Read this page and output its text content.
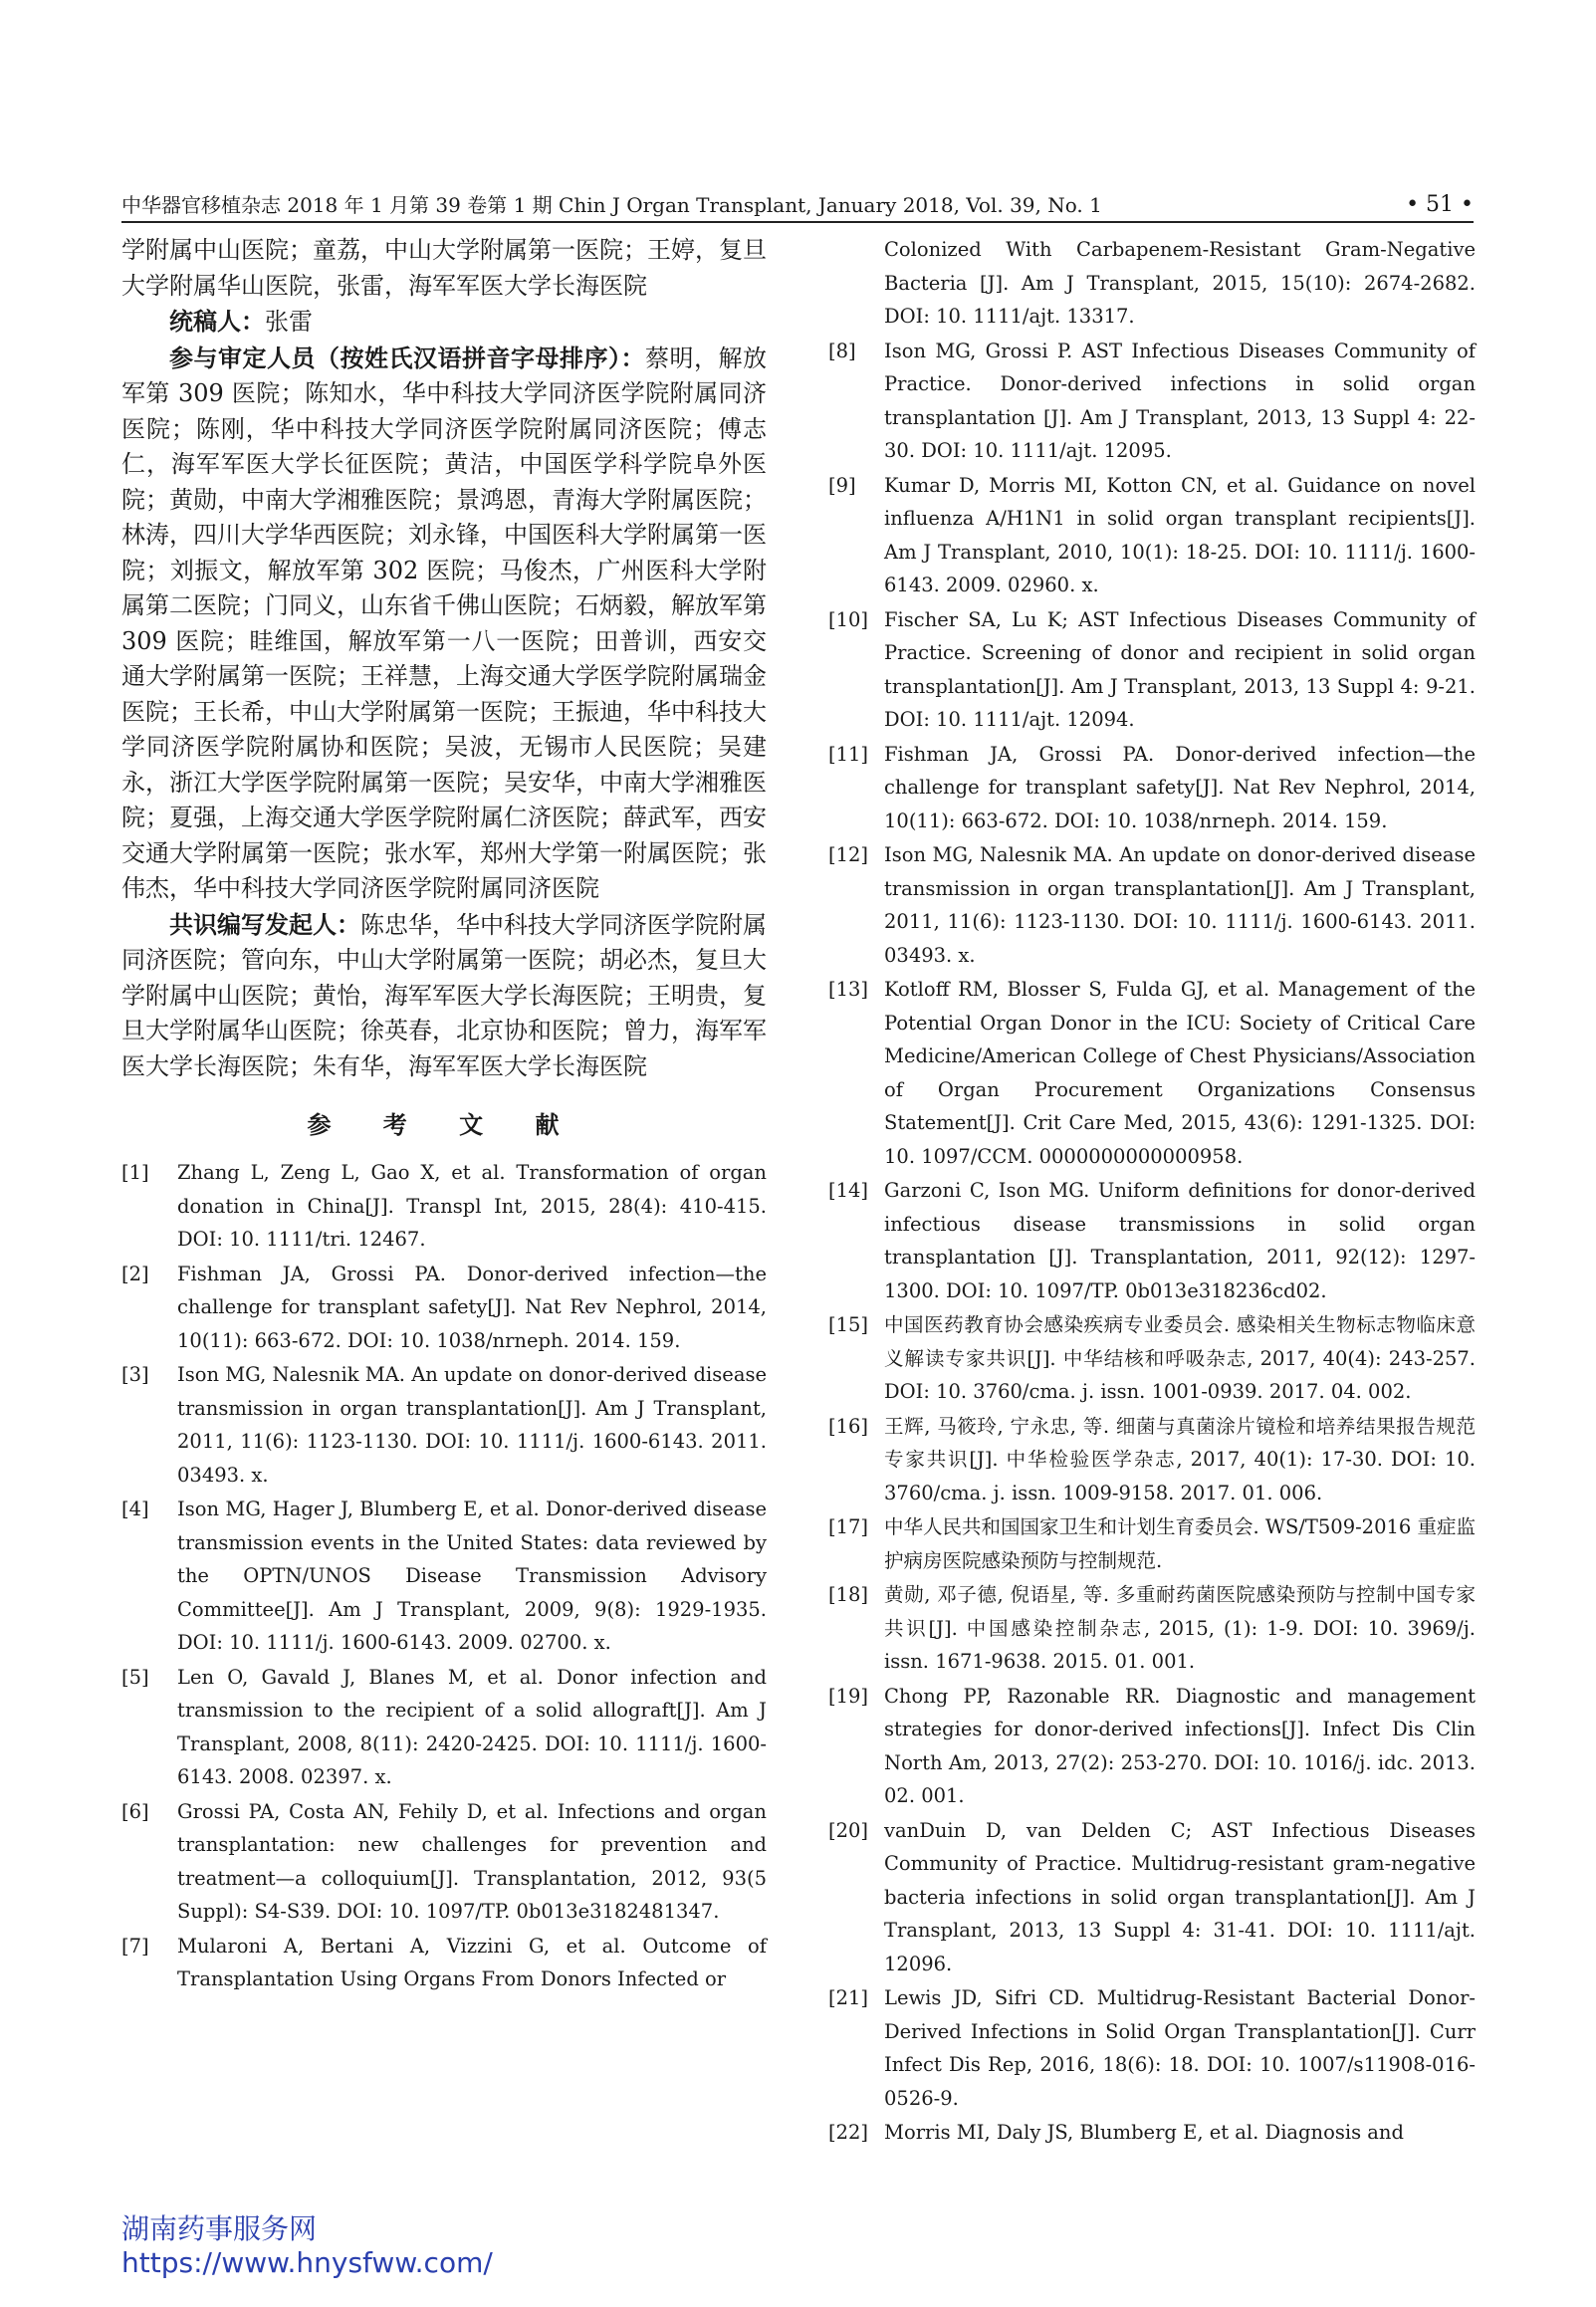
中华器官移植杂志 2018 年 1 月第 39 卷第 1 期 Chin J Organ Transplant, January 2018, Vol. 39, No. 1	• 51 •

学附属中山医院；童荔，中山大学附属第一医院；王婷，复旦大学附属华山医院，张雷，海军军医大学长海医院

统稿人：张雷

参与审定人员（按姓氏汉语拼音字母排序）：蔡明，解放军第 309 医院；陈知水，华中科技大学同济医学院附属同济医院；陈刚，华中科技大学同济医学院附属同济医院；傅志仁，海军军医大学长征医院；黄洁，中国医学科学院阜外医院；黄勋，中南大学湘雅医院；景鸿恩，青海大学附属医院；林涛，四川大学华西医院；刘永锋，中国医科大学附属第一医院；刘振文，解放军第 302 医院；马俊杰，广州医科大学附属第二医院；门同义，山东省千佛山医院；石炳毅，解放军第 309 医院；眭维国，解放军第一八一医院；田普训，西安交通大学附属第一医院；王祥慧，上海交通大学医学院附属瑞金医院；王长希，中山大学附属第一医院；王振迪，华中科技大学同济医学院附属协和医院；吴波，无锡市人民医院；吴建永，浙江大学医学院附属第一医院；吴安华，中南大学湘雅医院；夏强，上海交通大学医学院附属仁济医院；薛武军，西安交通大学附属第一医院；张水军，郑州大学第一附属医院；张伟杰，华中科技大学同济医学院附属同济医院

共识编写发起人：陈忠华，华中科技大学同济医学院附属同济医院；管向东，中山大学附属第一医院；胡必杰，复旦大学附属中山医院；黄怡，海军军医大学长海医院；王明贵，复旦大学附属华山医院；徐英春，北京协和医院；曾力，海军军医大学长海医院；朱有华，海军军医大学长海医院

参 考 文 献
[1]	Zhang L, Zeng L, Gao X, et al. Transformation of organ donation in China[J]. Transpl Int, 2015, 28(4): 410-415. DOI: 10. 1111/tri. 12467.
[2]	Fishman JA, Grossi PA. Donor-derived infection—the challenge for transplant safety[J]. Nat Rev Nephrol, 2014, 10(11): 663-672. DOI: 10. 1038/nrneph. 2014. 159.
[3]	Ison MG, Nalesnik MA. An update on donor-derived disease transmission in organ transplantation[J]. Am J Transplant, 2011, 11(6): 1123-1130. DOI: 10. 1111/j. 1600-6143. 2011. 03493. x.
[4]	Ison MG, Hager J, Blumberg E, et al. Donor-derived disease transmission events in the United States: data reviewed by the OPTN/UNOS Disease Transmission Advisory Committee[J]. Am J Transplant, 2009, 9(8): 1929-1935. DOI: 10. 1111/j. 1600-6143. 2009. 02700. x.
[5]	Len O, Gavald J, Blanes M, et al. Donor infection and transmission to the recipient of a solid allograft[J]. Am J Transplant, 2008, 8(11): 2420-2425. DOI: 10. 1111/j. 1600-6143. 2008. 02397. x.
[6]	Grossi PA, Costa AN, Fehily D, et al. Infections and organ transplantation: new challenges for prevention and treatment—a colloquium[J]. Transplantation, 2012, 93(5 Suppl): S4-S39. DOI: 10. 1097/TP. 0b013e3182481347.
[7]	Mularoni A, Bertani A, Vizzini G, et al. Outcome of Transplantation Using Organs From Donors Infected or
Colonized With Carbapenem-Resistant Gram-Negative Bacteria [J]. Am J Transplant, 2015, 15(10): 2674-2682. DOI: 10. 1111/ajt. 13317.
[8]	Ison MG, Grossi P. AST Infectious Diseases Community of Practice. Donor-derived infections in solid organ transplantation [J]. Am J Transplant, 2013, 13 Suppl 4: 22-30. DOI: 10. 1111/ajt. 12095.
[9]	Kumar D, Morris MI, Kotton CN, et al. Guidance on novel influenza A/H1N1 in solid organ transplant recipients[J]. Am J Transplant, 2010, 10(1): 18-25. DOI: 10. 1111/j. 1600-6143. 2009. 02960. x.
[10] Fischer SA, Lu K; AST Infectious Diseases Community of Practice. Screening of donor and recipient in solid organ transplantation[J]. Am J Transplant, 2013, 13 Suppl 4: 9-21. DOI: 10. 1111/ajt. 12094.
[11] Fishman JA, Grossi PA. Donor-derived infection—the challenge for transplant safety[J]. Nat Rev Nephrol, 2014, 10(11): 663-672. DOI: 10. 1038/nrneph. 2014. 159.
[12] Ison MG, Nalesnik MA. An update on donor-derived disease transmission in organ transplantation[J]. Am J Transplant, 2011, 11(6): 1123-1130. DOI: 10. 1111/j. 1600-6143. 2011. 03493. x.
[13] Kotloff RM, Blosser S, Fulda GJ, et al. Management of the Potential Organ Donor in the ICU: Society of Critical Care Medicine/American College of Chest Physicians/Association of Organ Procurement Organizations Consensus Statement[J]. Crit Care Med, 2015, 43(6): 1291-1325. DOI: 10. 1097/CCM. 0000000000000958.
[14] Garzoni C, Ison MG. Uniform definitions for donor-derived infectious disease transmissions in solid organ transplantation [J]. Transplantation, 2011, 92(12): 1297-1300. DOI: 10. 1097/TP. 0b013e318236cd02.
[15] 中国医药教育协会感染疾病专业委员会. 感染相关生物标志物临床意义解读专家共识[J]. 中华结核和呼吸杂志, 2017, 40(4): 243-257. DOI: 10. 3760/cma. j. issn. 1001-0939. 2017. 04. 002.
[16] 王辉, 马筱玲, 宁永忠, 等. 细菌与真菌涂片镜检和培养结果报告规范专家共识[J]. 中华检验医学杂志, 2017, 40(1): 17-30. DOI: 10. 3760/cma. j. issn. 1009-9158. 2017. 01. 006.
[17] 中华人民共和国国家卫生和计划生育委员会. WS/T509-2016 重症监护病房医院感染预防与控制规范.
[18] 黄勋, 邓子德, 倪语星, 等. 多重耐药菌医院感染预防与控制中国专家共识[J]. 中国感染控制杂志, 2015, (1): 1-9. DOI: 10. 3969/j. issn. 1671-9638. 2015. 01. 001.
[19] Chong PP, Razonable RR. Diagnostic and management strategies for donor-derived infections[J]. Infect Dis Clin North Am, 2013, 27(2): 253-270. DOI: 10. 1016/j. idc. 2013. 02. 001.
[20] vanDuin D, van Delden C; AST Infectious Diseases Community of Practice. Multidrug-resistant gram-negative bacteria infections in solid organ transplantation[J]. Am J Transplant, 2013, 13 Suppl 4: 31-41. DOI: 10. 1111/ajt. 12096.
[21] Lewis JD, Sifri CD. Multidrug-Resistant Bacterial Donor-Derived Infections in Solid Organ Transplantation[J]. Curr Infect Dis Rep, 2016, 18(6): 18. DOI: 10. 1007/s11908-016-0526-9.
[22] Morris MI, Daly JS, Blumberg E, et al. Diagnosis and
湖南药事服务网
https://www.hnysfww.com/
